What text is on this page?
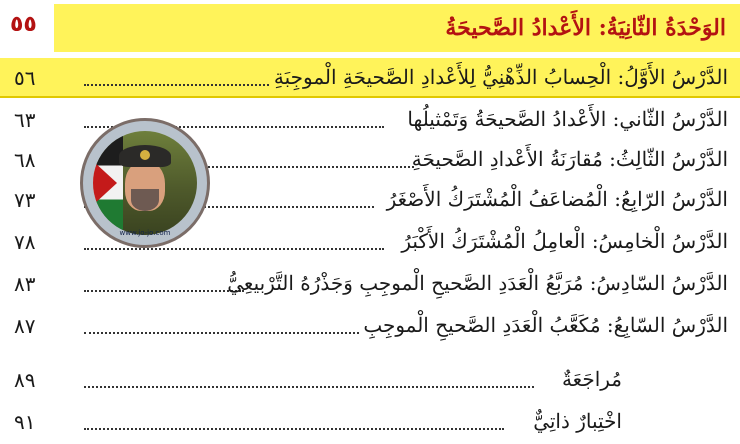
الوَحْدَةُ الثّانِيَةُ: الأَعْدادُ الصَّحيحَةُ
٥٥
الدَّرْسُ الأَوَّلُ: الْحِسابُ الذِّهْنِيُّ لِلأَعْدادِ الصَّحيحَةِ الْموجِبَةِ
٥٦
الدَّرْسُ الثّاني: الأَعْدادُ الصَّحيحَةُ وَتَمْثيلُها
٦٣
الدَّرْسُ الثّالِثُ: مُقارَنَةُ الأَعْدادِ الصَّحيحَةِ
٦٨
الدَّرْسُ الرّابِعُ: الْمُضاعَفُ الْمُشْتَرَكُ الأَصْغَرُ
٧٣
الدَّرْسُ الْخامِسُ: الْعامِلُ الْمُشْتَرَكُ الأَكْبَرُ
٧٨
الدَّرْسُ السّادِسُ: مُرَبَّعُ الْعَدَدِ الصَّحيحِ الْموجِبِ وَجَذْرُهُ التَّرْبيعِيُّ
٨٣
الدَّرْسُ السّابِعُ: مُكَعَّبُ الْعَدَدِ الصَّحيحِ الْموجِبِ
٨٧
مُراجَعَةٌ
٨٩
اخْتِبارٌ ذاتِيٌّ
٩١
www.jo-jo.com
